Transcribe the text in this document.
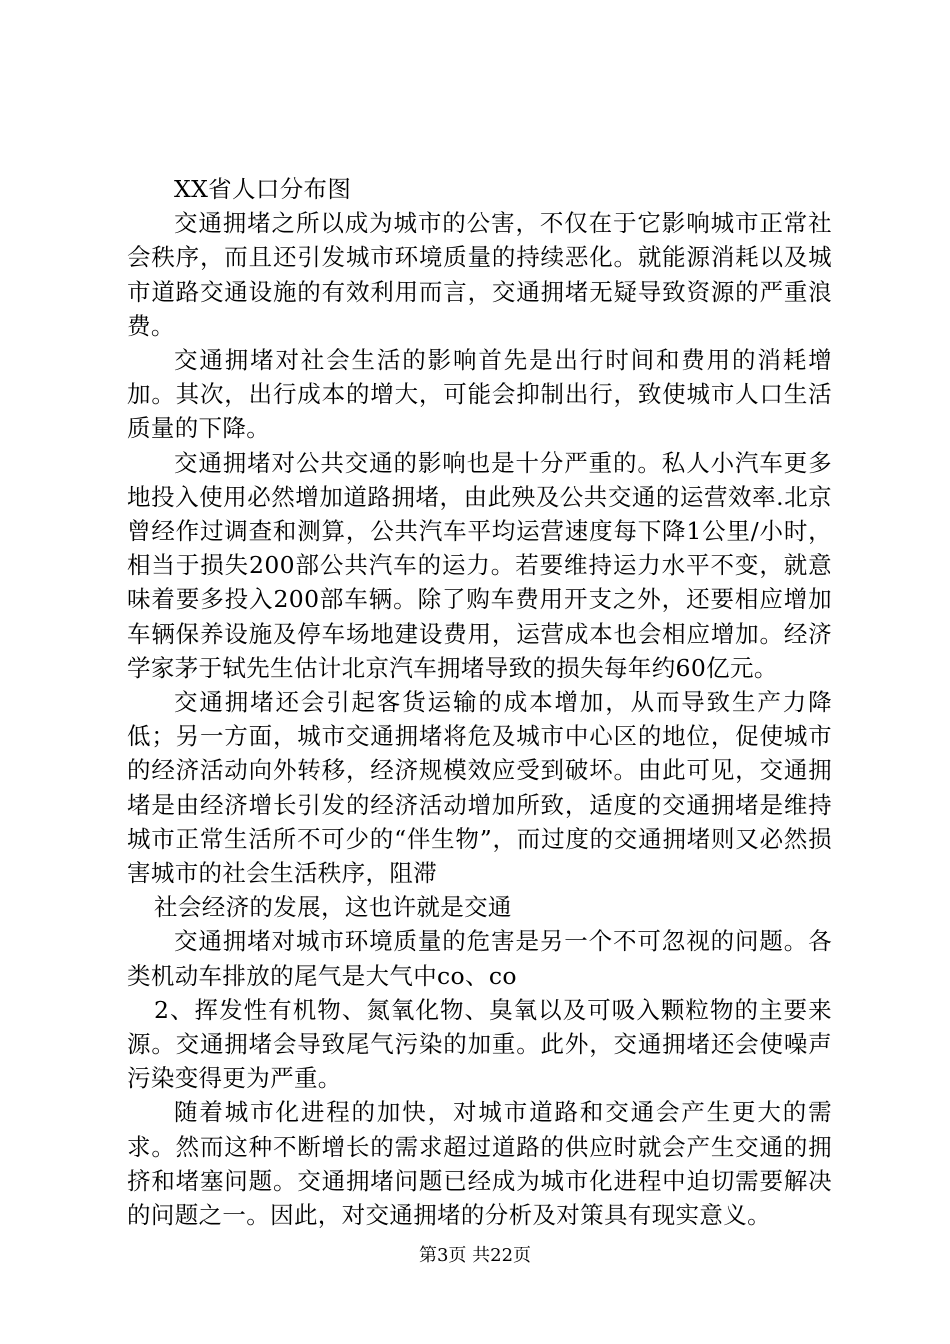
XX省人口分布图

交通拥堵之所以成为城市的公害，不仅在于它影响城市正常社会秩序，而且还引发城市环境质量的持续恶化。就能源消耗以及城市道路交通设施的有效利用而言，交通拥堵无疑导致资源的严重浪费。

交通拥堵对社会生活的影响首先是出行时间和费用的消耗增加。其次，出行成本的增大，可能会抑制出行，致使城市人口生活质量的下降。

交通拥堵对公共交通的影响也是十分严重的。私人小汽车更多地投入使用必然增加道路拥堵，由此殃及公共交通的运营效率.北京曾经作过调查和测算，公共汽车平均运营速度每下降1公里/小时，相当于损失200部公共汽车的运力。若要维持运力水平不变，就意味着要多投入200部车辆。除了购车费用开支之外，还要相应增加车辆保养设施及停车场地建设费用，运营成本也会相应增加。经济学家茅于轼先生估计北京汽车拥堵导致的损失每年约60亿元。

交通拥堵还会引起客货运输的成本增加，从而导致生产力降低；另一方面，城市交通拥堵将危及城市中心区的地位，促使城市的经济活动向外转移，经济规模效应受到破坏。由此可见，交通拥堵是由经济增长引发的经济活动增加所致，适度的交通拥堵是维持城市正常生活所不可少的“伴生物”，而过度的交通拥堵则又必然损害城市的社会生活秩序，阻滞

社会经济的发展，这也许就是交通

交通拥堵对城市环境质量的危害是另一个不可忽视的问题。各类机动车排放的尾气是大气中co、co

2、挥发性有机物、氮氧化物、臭氧以及可吸入颗粒物的主要来源。交通拥堵会导致尾气污染的加重。此外，交通拥堵还会使噪声污染变得更为严重。

随着城市化进程的加快，对城市道路和交通会产生更大的需求。然而这种不断增长的需求超过道路的供应时就会产生交通的拥挤和堵塞问题。交通拥堵问题已经成为城市化进程中迫切需要解决的问题之一。因此，对交通拥堵的分析及对策具有现实意义。

第3页 共22页
